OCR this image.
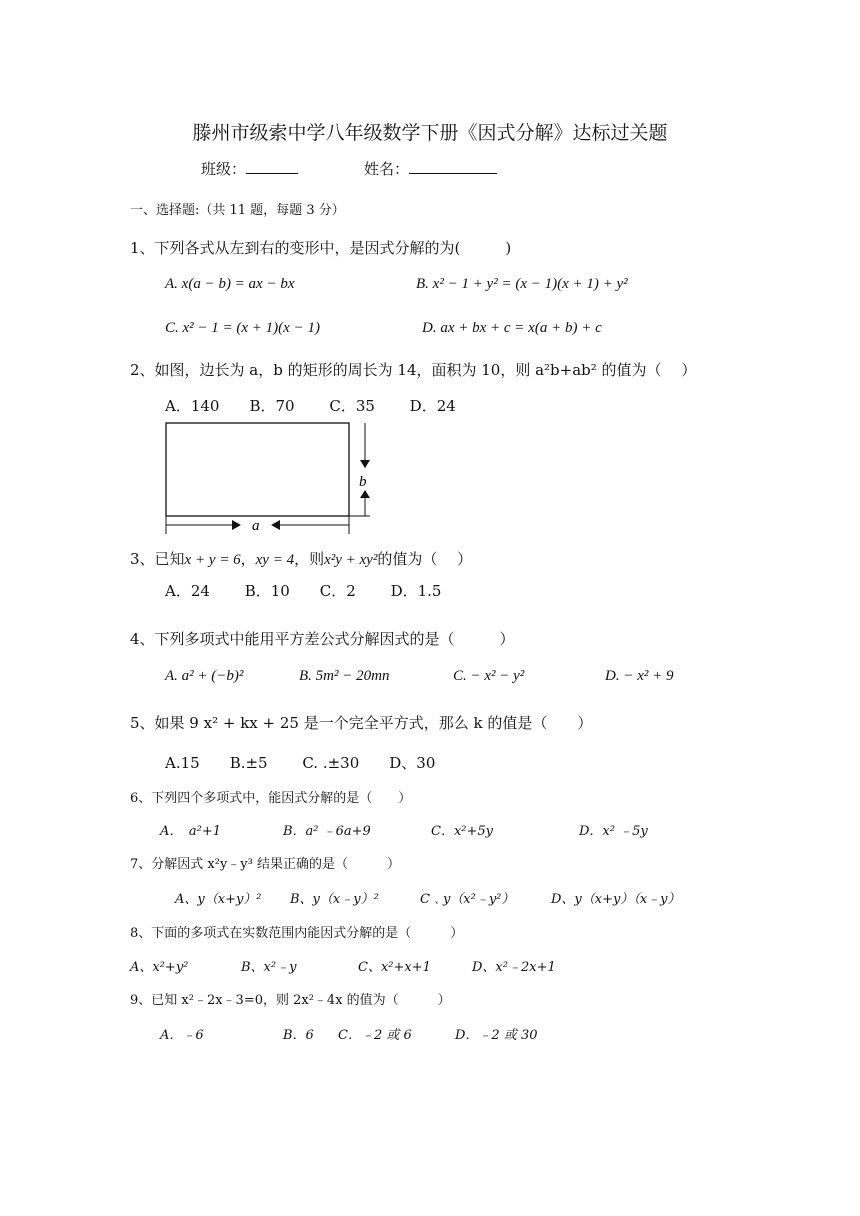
滕州市级索中学八年级数学下册《因式分解》达标过关题
班级：	姓名：
一、选择题:（共 11 题，每题 3 分）
1、下列各式从左到右的变形中，是因式分解的为(　　　)
A. x(a − b) = ax − bx	B. x² − 1 + y² = (x − 1)(x + 1) + y²
C. x² − 1 = (x + 1)(x − 1)	D. ax + bx + c = x(a + b) + c
2、如图，边长为 a，b 的矩形的周长为 14，面积为 10，则 a²b+ab² 的值为（　 ）
A．140　　B．70　　 C．35　　 D．24
b
a
3、已知x + y = 6，xy = 4，则x²y + xy²的值为（　 ）
A．24　　 B．10　　C．2　　 D．1.5
4、下列多项式中能用平方差公式分解因式的是（　　　）
A. a² + (−b)²	B. 5m² − 20mn	C. − x² − y²	D. − x² + 9
5、如果 9 x² + kx + 25 是一个完全平方式，那么 k 的值是（　　）
A.15　　B.±5　　 C. .±30　　D、30
6、下列四个多项式中，能因式分解的是（　　）
A．　a²+1	B．a² ﹣6a+9	C．x²+5y	D．x² ﹣5y
7、分解因式 x²y﹣y³ 结果正确的是（　　　）
A、y（x+y）² B、y（x﹣y）²	C﹑y（x²﹣y²）	D、y（x+y）（x﹣y）
8、下面的多项式在实数范围内能因式分解的是（　　　）
A、x²+y²	B、x²﹣y	C、x²+x+1	D、x²﹣2x+1
9、已知 x²﹣2x﹣3=0，则 2x²﹣4x 的值为（　　　）
A．﹣6	B．6 C．﹣2 或 6	D．﹣2 或 30
